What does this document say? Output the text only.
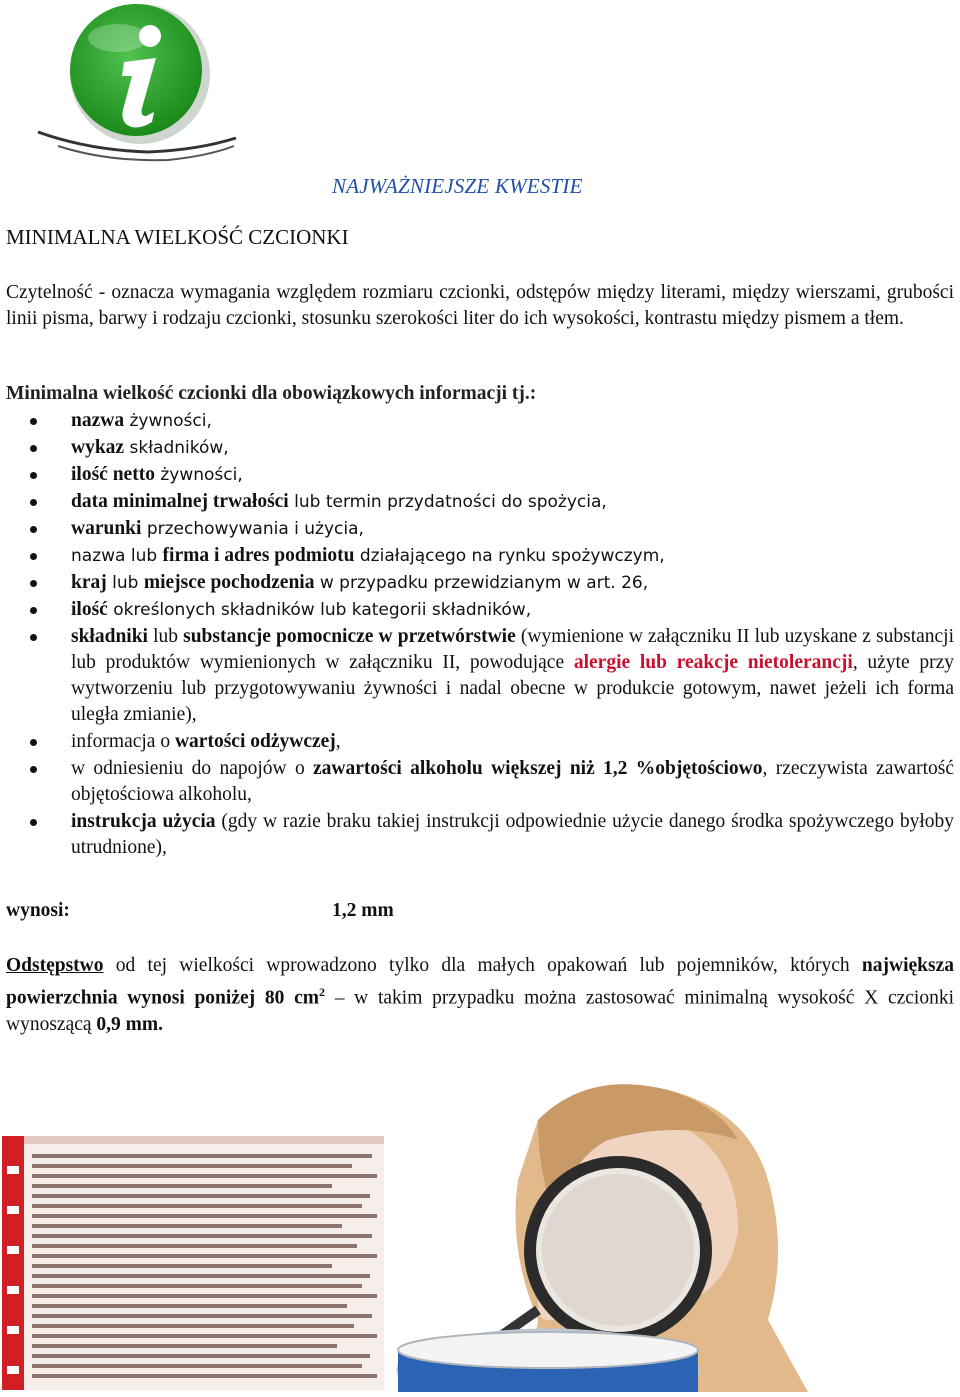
NAJWAŻNIEJSZE KWESTIE
MINIMALNA WIELKOŚĆ CZCIONKI
Czytelność - oznacza wymagania względem rozmiaru czcionki, odstępów między literami, między wierszami, grubości linii pisma, barwy i rodzaju czcionki, stosunku szerokości liter do ich wysokości, kontrastu między pismem a tłem.
Minimalna wielkość czcionki dla obowiązkowych informacji tj.:
nazwa żywności,
wykaz składników,
ilość netto żywności,
data minimalnej trwałości lub termin przydatności do spożycia,
warunki przechowywania i użycia,
nazwa lub firma i adres podmiotu działającego na rynku spożywczym,
kraj lub miejsce pochodzenia w przypadku przewidzianym w art. 26,
ilość określonych składników lub kategorii składników,
składniki lub substancje pomocnicze w przetwórstwie (wymienione w załączniku II lub uzyskane z substancji lub produktów wymienionych w załączniku II, powodujące alergie lub reakcje nietolerancji, użyte przy wytworzeniu lub przygotowywaniu żywności i nadal obecne w produkcie gotowym, nawet jeżeli ich forma uległa zmianie),
informacja o wartości odżywczej,
w odniesieniu do napojów o zawartości alkoholu większej niż 1,2 %objętościowo, rzeczywista zawartość objętościowa alkoholu,
instrukcja użycia (gdy w razie braku takiej instrukcji odpowiednie użycie danego środka spożywczego byłoby utrudnione),
wynosi:	1,2 mm
Odstępstwo od tej wielkości wprowadzono tylko dla małych opakowań lub pojemników, których największa powierzchnia wynosi poniżej 80 $cm^2$ – w takim przypadku można zastosować minimalną wysokość X czcionki wynoszącą 0,9 mm.
